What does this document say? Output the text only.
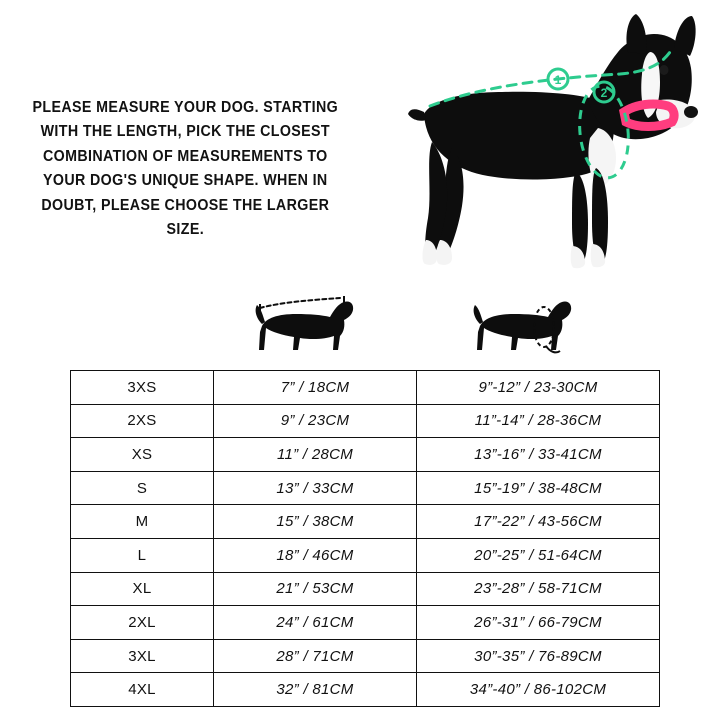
PLEASE MEASURE YOUR DOG. STARTING WITH THE LENGTH, PICK THE CLOSEST COMBINATION OF MEASUREMENTS TO YOUR DOG'S UNIQUE SHAPE. WHEN IN DOUBT, PLEASE CHOOSE THE LARGER SIZE.
1
2
3XS	7” / 18CM	9”-12” / 23-30CM
2XS	9” / 23CM	11”-14” / 28-36CM
XS	11” / 28CM	13”-16” / 33-41CM
S	13” / 33CM	15”-19” / 38-48CM
M	15” / 38CM	17”-22” / 43-56CM
L	18” / 46CM	20”-25” / 51-64CM
XL	21” / 53CM	23”-28” / 58-71CM
2XL	24” / 61CM	26”-31” / 66-79CM
3XL	28” / 71CM	30”-35” / 76-89CM
4XL	32” / 81CM	34”-40” / 86-102CM
